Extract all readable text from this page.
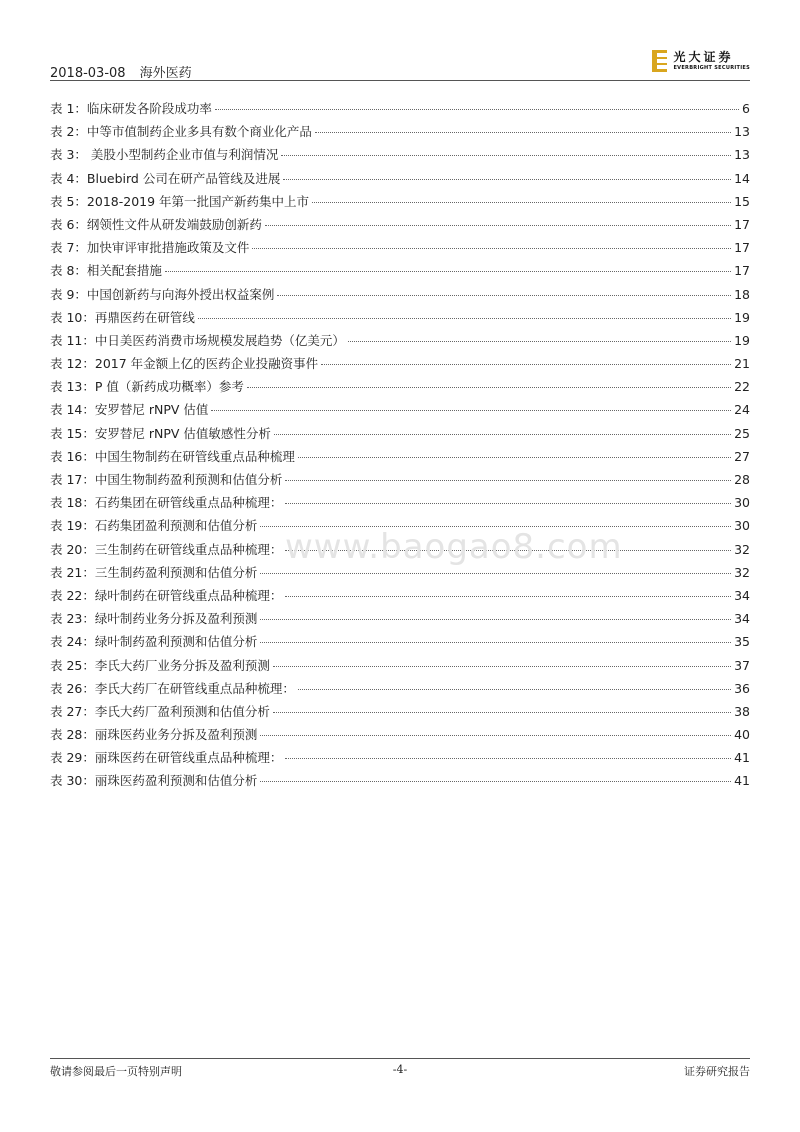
2018-03-08 海外医药
光大证券
EVERBRIGHT SECURITIES
表 1：临床研发各阶段成功率	6
表 2：中等市值制药企业多具有数个商业化产品	13
表 3： 美股小型制药企业市值与利润情况	13
表 4：Bluebird 公司在研产品管线及进展	14
表 5：2018-2019 年第一批国产新药集中上市	15
表 6：纲领性文件从研发端鼓励创新药	17
表 7：加快审评审批措施政策及文件	17
表 8：相关配套措施	17
表 9：中国创新药与向海外授出权益案例	18
表 10：再鼎医药在研管线	19
表 11：中日美医药消费市场规模发展趋势（亿美元）	19
表 12：2017 年金额上亿的医药企业投融资事件	21
表 13：P 值（新药成功概率）参考	22
表 14：安罗替尼 rNPV 估值	24
表 15：安罗替尼 rNPV 估值敏感性分析	25
表 16：中国生物制药在研管线重点品种梳理	27
表 17：中国生物制药盈利预测和估值分析	28
表 18：石药集团在研管线重点品种梳理：	30
表 19：石药集团盈利预测和估值分析	30
表 20：三生制药在研管线重点品种梳理：	32
表 21：三生制药盈利预测和估值分析	32
表 22：绿叶制药在研管线重点品种梳理：	34
表 23：绿叶制药业务分拆及盈利预测	34
表 24：绿叶制药盈利预测和估值分析	35
表 25：李氏大药厂业务分拆及盈利预测	37
表 26：李氏大药厂在研管线重点品种梳理：	36
表 27：李氏大药厂盈利预测和估值分析	38
表 28：丽珠医药业务分拆及盈利预测	40
表 29：丽珠医药在研管线重点品种梳理：	41
表 30：丽珠医药盈利预测和估值分析	41
www.baogao8.com
敬请参阅最后一页特别声明	-4-	证券研究报告
